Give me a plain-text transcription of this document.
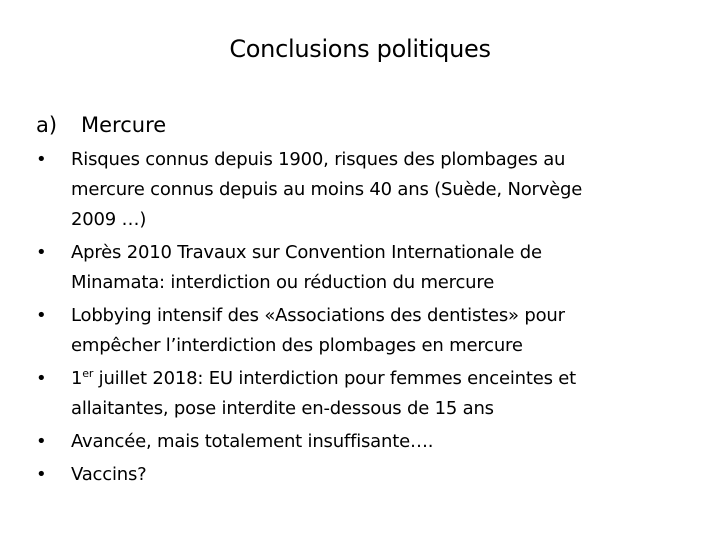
Conclusions politiques
a)	Mercure
•	Risques connus depuis 1900, risques des plombages au
mercure connus depuis au moins 40 ans (Suède, Norvège
2009 …)
•	Après 2010 Travaux sur Convention Internationale de
Minamata: interdiction ou réduction du mercure
•	Lobbying intensif des «Associations des dentistes» pour
empêcher l’interdiction des plombages en mercure
•	1er juillet 2018: EU interdiction pour femmes enceintes et
allaitantes, pose interdite en-dessous de 15 ans
•	Avancée, mais totalement insuffisante….
•	Vaccins?
